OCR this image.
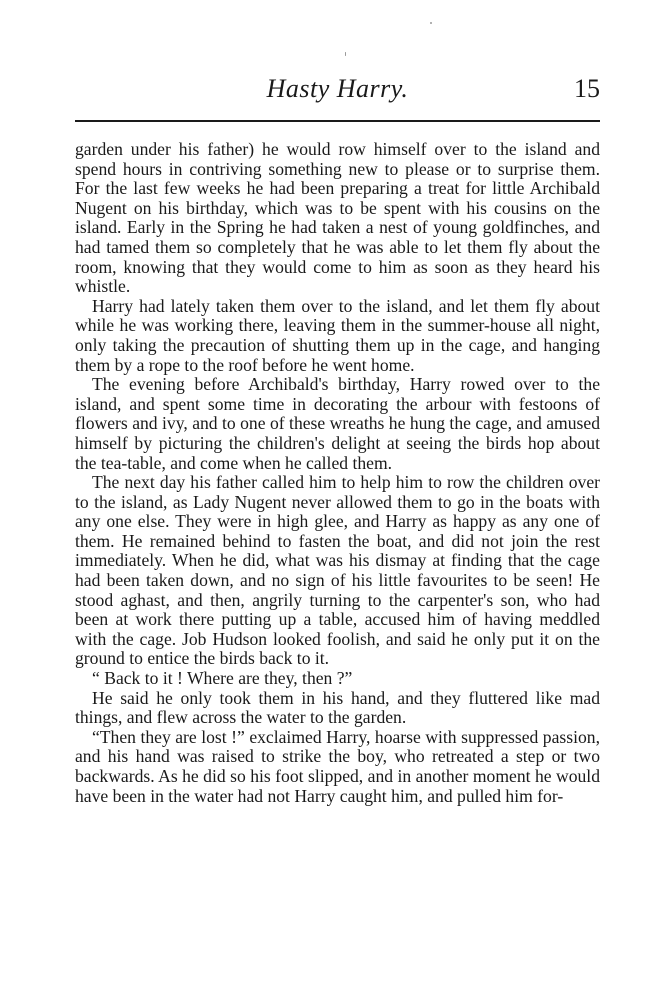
Hasty Harry.	15

garden under his father) he would row himself over to the island and spend hours in contriving something new to please or to surprise them. For the last few weeks he had been preparing a treat for little Archibald Nugent on his birthday, which was to be spent with his cousins on the island. Early in the Spring he had taken a nest of young goldfinches, and had tamed them so completely that he was able to let them fly about the room, knowing that they would come to him as soon as they heard his whistle.

Harry had lately taken them over to the island, and let them fly about while he was working there, leaving them in the summer-house all night, only taking the precaution of shutting them up in the cage, and hanging them by a rope to the roof before he went home.

The evening before Archibald's birthday, Harry rowed over to the island, and spent some time in decorating the arbour with festoons of flowers and ivy, and to one of these wreaths he hung the cage, and amused himself by picturing the children's delight at seeing the birds hop about the tea-table, and come when he called them.

The next day his father called him to help him to row the children over to the island, as Lady Nugent never allowed them to go in the boats with any one else. They were in high glee, and Harry as happy as any one of them. He remained behind to fasten the boat, and did not join the rest immediately. When he did, what was his dismay at finding that the cage had been taken down, and no sign of his little favourites to be seen! He stood aghast, and then, angrily turning to the carpenter's son, who had been at work there putting up a table, accused him of having meddled with the cage. Job Hudson looked foolish, and said he only put it on the ground to entice the birds back to it.

“ Back to it ! Where are they, then ?”

He said he only took them in his hand, and they fluttered like mad things, and flew across the water to the garden.

“Then they are lost !” exclaimed Harry, hoarse with suppressed passion, and his hand was raised to strike the boy, who retreated a step or two backwards. As he did so his foot slipped, and in another moment he would have been in the water had not Harry caught him, and pulled him for-
